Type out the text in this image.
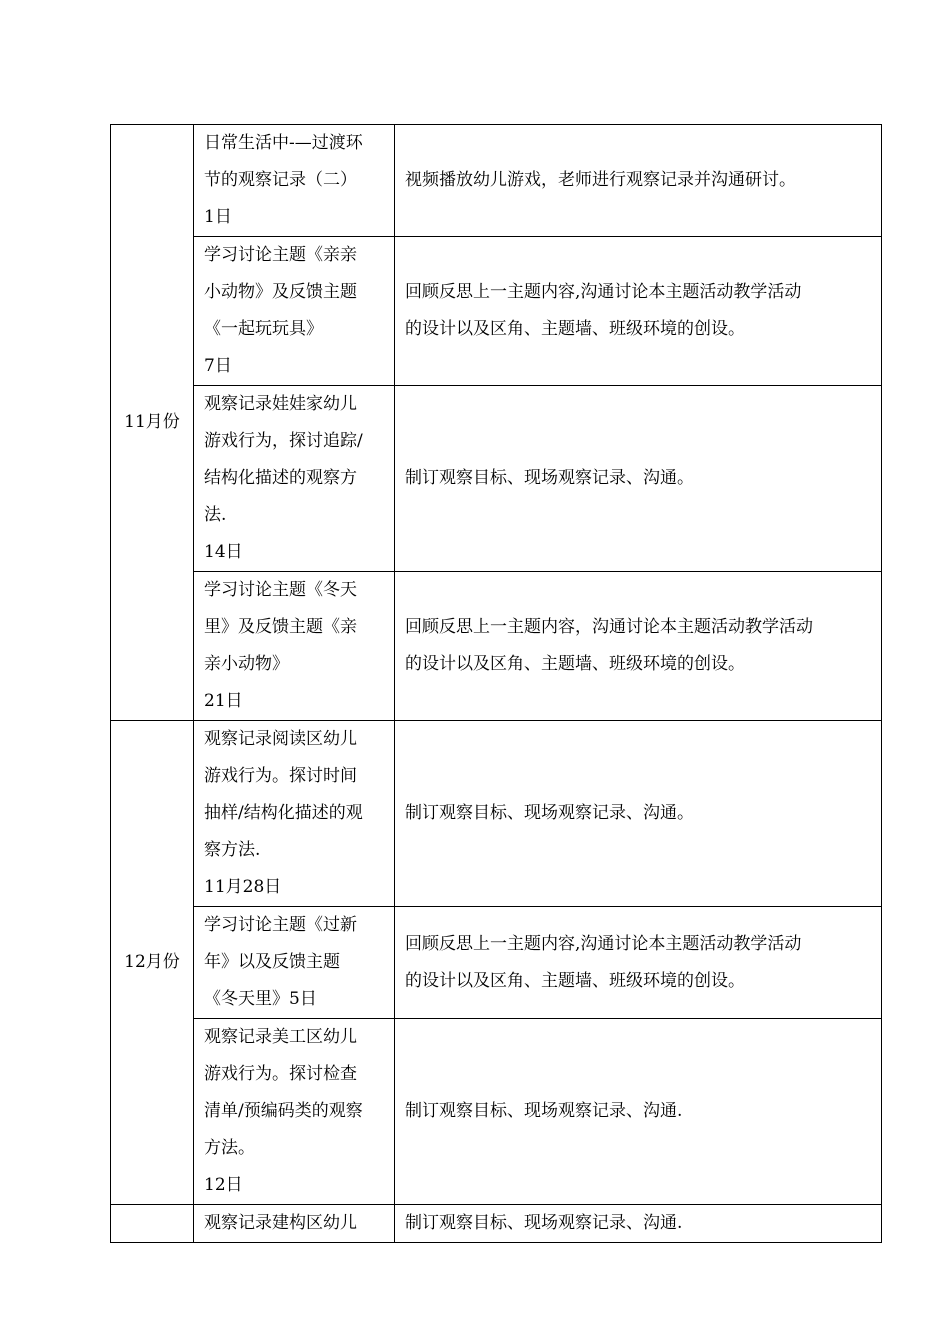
11月份	日常生活中-—过渡环
节的观察记录（二）
1日	视频播放幼儿游戏，老师进行观察记录并沟通研讨。

	学习讨论主题《亲亲
小动物》及反馈主题
《一起玩玩具》
7日	回顾反思上一主题内容,沟通讨论本主题活动教学活动
的设计以及区角、主题墙、班级环境的创设。

	观察记录娃娃家幼儿
游戏行为，探讨追踪/
结构化描述的观察方
法.
14日	制订观察目标、现场观察记录、沟通。

	学习讨论主题《冬天
里》及反馈主题《亲
亲小动物》
21日	回顾反思上一主题内容，沟通讨论本主题活动教学活动
的设计以及区角、主题墙、班级环境的创设。

12月份	观察记录阅读区幼儿
游戏行为。探讨时间
抽样/结构化描述的观
察方法.
11月28日	制订观察目标、现场观察记录、沟通。

	学习讨论主题《过新
年》以及反馈主题
《冬天里》5日	回顾反思上一主题内容,沟通讨论本主题活动教学活动
的设计以及区角、主题墙、班级环境的创设。

	观察记录美工区幼儿
游戏行为。探讨检查
清单/预编码类的观察
方法。
12日	制订观察目标、现场观察记录、沟通.

	观察记录建构区幼儿	制订观察目标、现场观察记录、沟通.
